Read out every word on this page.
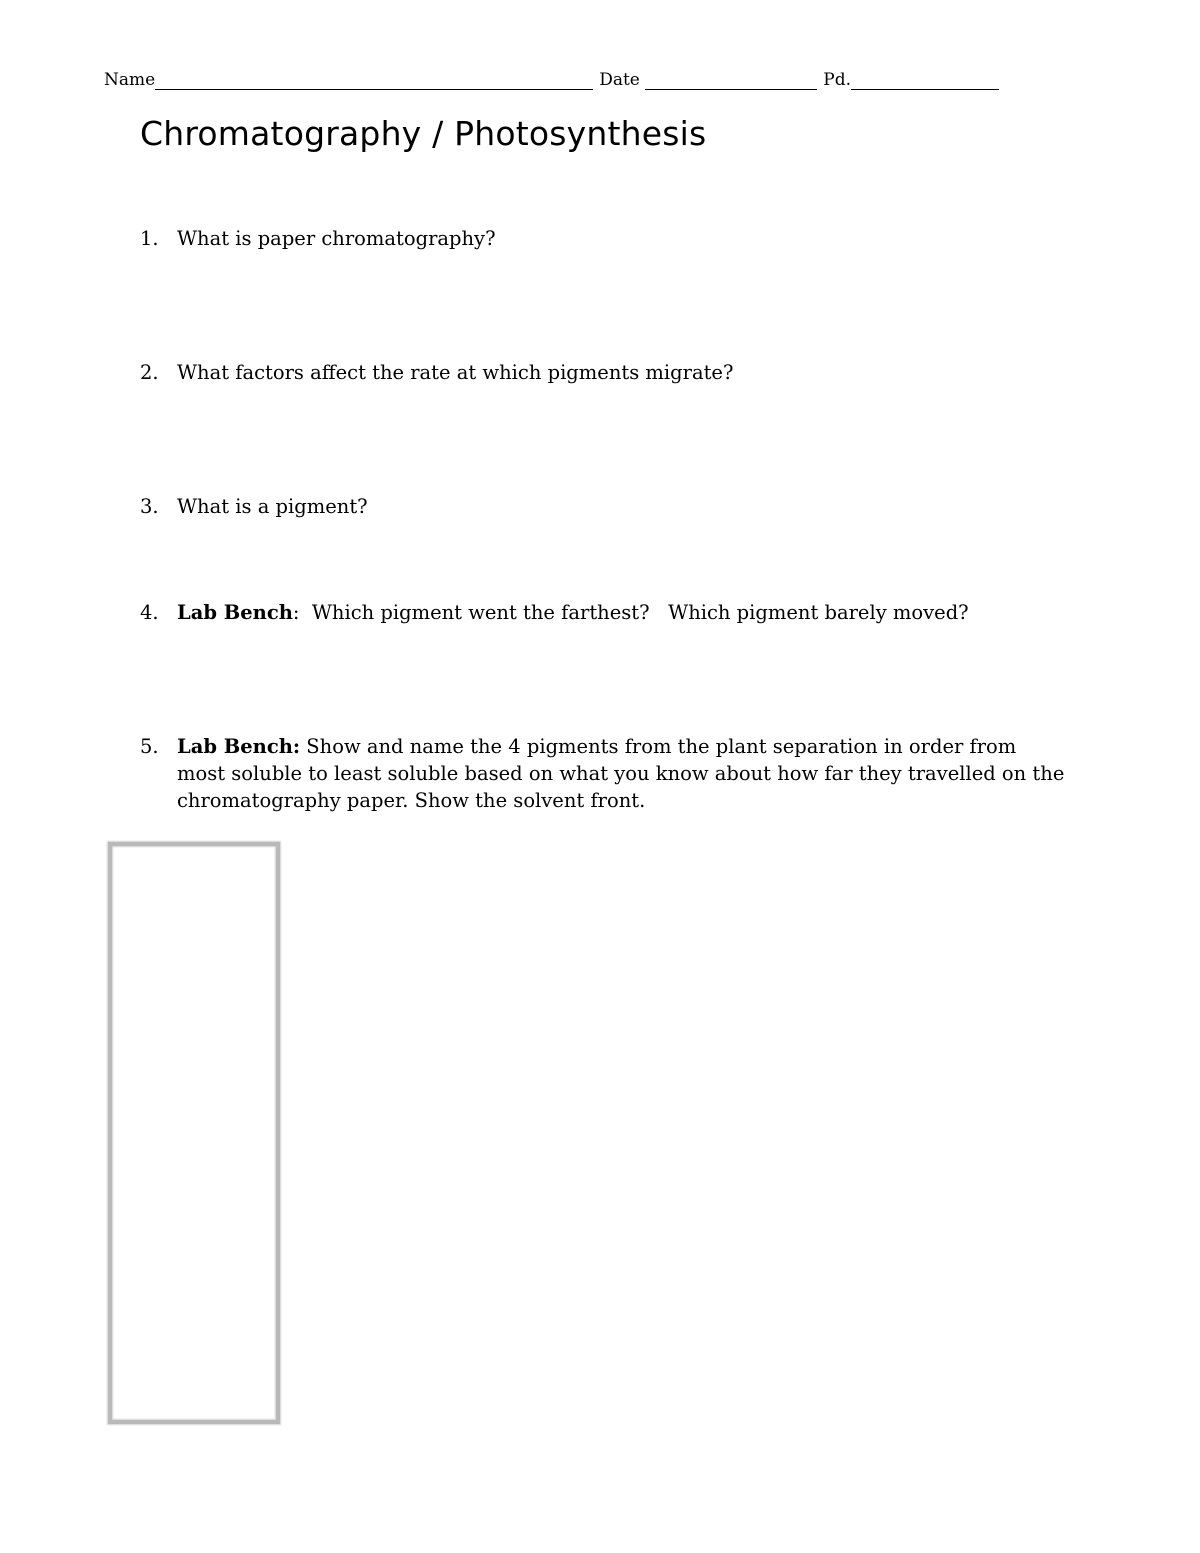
Name	Date
	Pd.
Chromatography / Photosynthesis
1. What is paper chromatography?
2. What factors affect the rate at which pigments migrate?
3. What is a pigment?
4. Lab Bench:  Which pigment went the farthest?   Which pigment barely moved?
5. Lab Bench: Show and name the 4 pigments from the plant separation in order from most soluble to least soluble based on what you know about how far they travelled on the chromatography paper. Show the solvent front.
